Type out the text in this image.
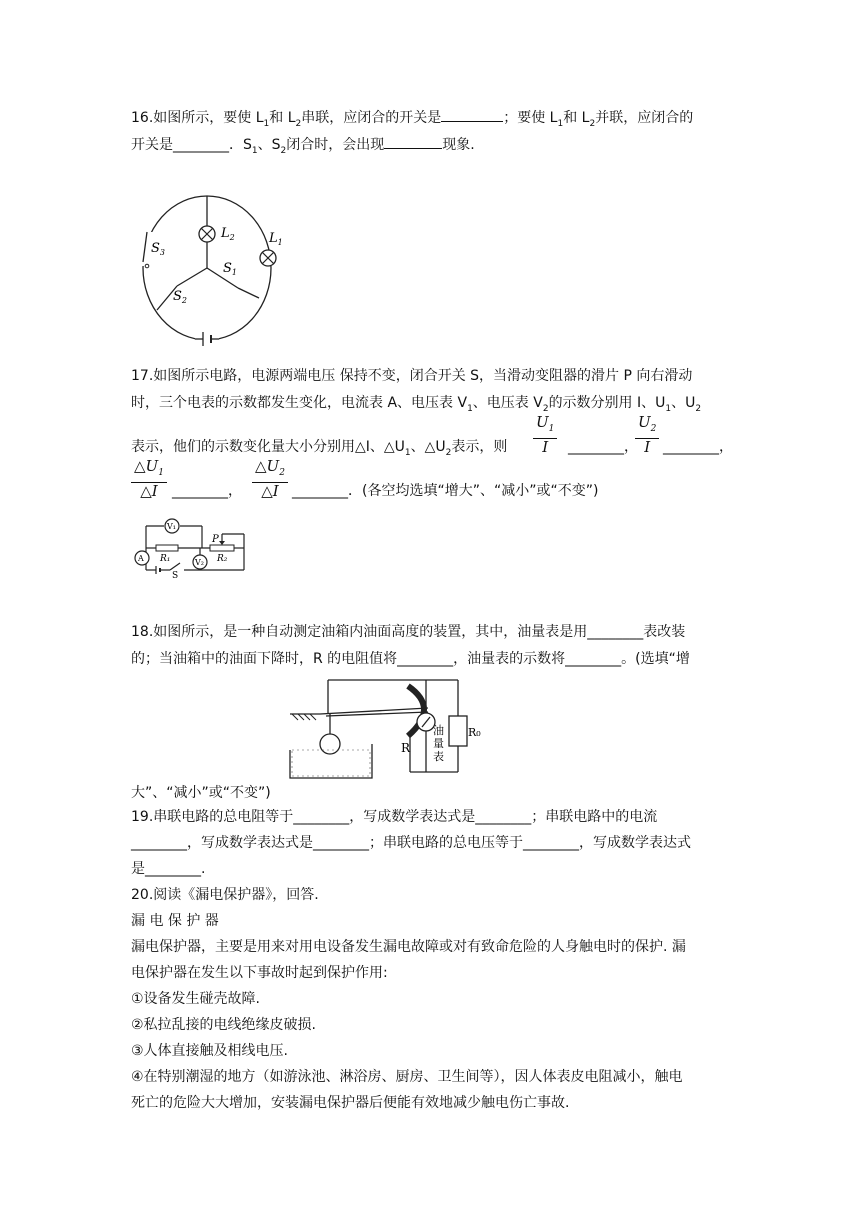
16.如图所示，要使 $L_1$和 $L_2$串联，应闭合的开关是	；要使 $L_1$和 $L_2$并联，应闭合的
开关是________．$S_1$、$S_2$闭合时，会出现	现象.
$L_2$	$L_1$
$S_1$
$S_2$
$S_3$
17.如图所示电路，电源两端电压 保持不变，闭合开关 S，当滑动变阻器的滑片 P 向右滑动
时，三个电表的示数都发生变化，电流表 A、电压表 $V_1$、电压表 $V_2$的示数分别用 I、$U_1$、$U_2$
表示，他们的示数变化量大小分别用△I、$\triangle U_1$、$\triangle U_2$表示，则 $\frac{U_1}{I}$ ________，
$\frac{U_2}{I}$ ________，
$\frac{\triangle U_1}{\triangle I}$ ________， $\frac{\triangle U_2}{\triangle I}$ ________．(各空均选填“增大”、“减小”或“不变”)
V₁
A	V₂
P
R₁	R₂
S
18.如图所示，是一种自动测定油箱内油面高度的装置，其中，油量表是用________表改装
的；当油箱中的油面下降时，R 的电阻值将________，油量表的示数将________。(选填“增
R
R₀
油
量
表
大”、“减小”或“不变”)
19.串联电路的总电阻等于________，写成数学表达式是________；串联电路中的电流
________，写成数学表达式是________；串联电路的总电压等于________，写成数学表达式
是________.
20.阅读《漏电保护器》，回答.
漏 电 保 护 器
漏电保护器，主要是用来对用电设备发生漏电故障或对有致命危险的人身触电时的保护. 漏
电保护器在发生以下事故时起到保护作用:
①设备发生碰壳故障.
②私拉乱接的电线绝缘皮破损.
③人体直接触及相线电压.
④在特别潮湿的地方（如游泳池、淋浴房、厨房、卫生间等），因人体表皮电阻减小，触电
死亡的危险大大增加，安装漏电保护器后便能有效地减少触电伤亡事故.
